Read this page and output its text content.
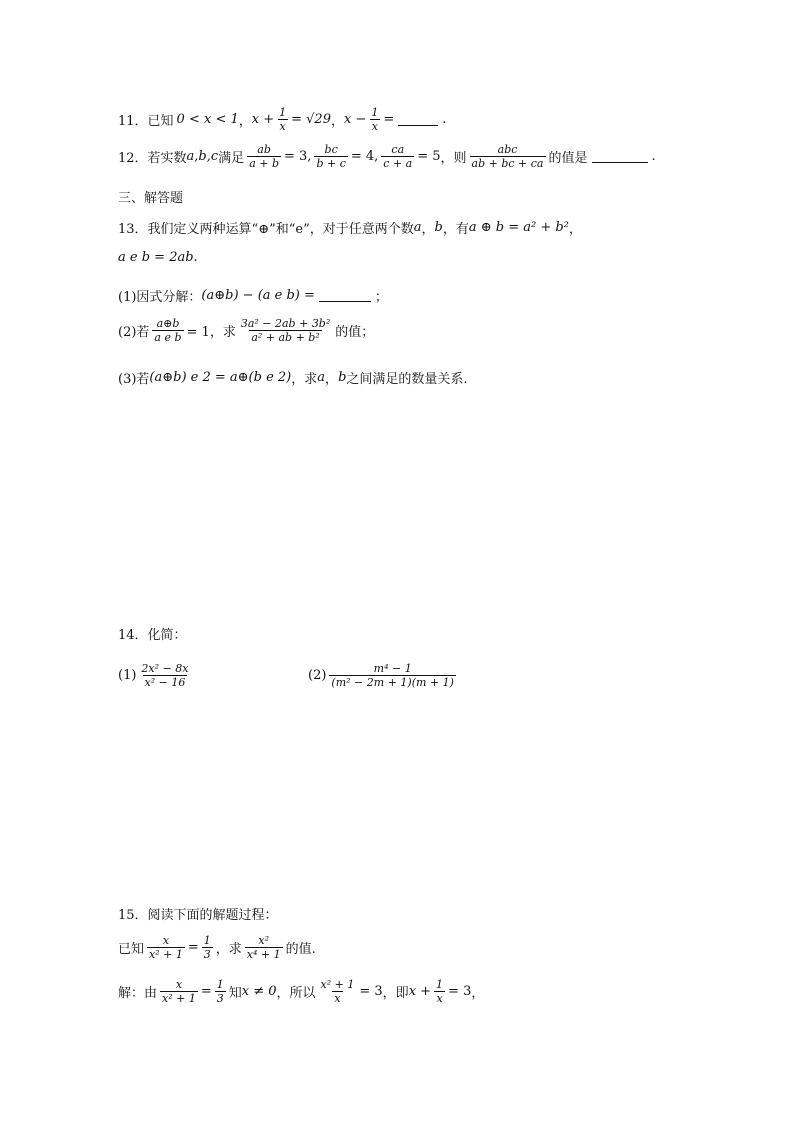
11．已知 0 < x < 1 ， $x + \frac{1}{x} = √29$ ， $x - \frac{1}{x}$ =	.
12．若实数 a,b,c 满足 $\frac{ab}{a + b} = 3$, $\frac{bc}{b + c} = 4$, $\frac{ca}{c + a} = 5$ ，则 $\frac{\text{abc}}{ab + bc + ca}$ 的值是	.
三、解答题
13．我们定义两种运算“⊕”和“e”，对于任意两个数 a ， b ，有 a ⊕ b = a² + b² ，
a e b = 2ab .
(1)因式分解： (a⊕b) − (a e b) =	；
(2)若 $\frac{a\oplus b}{\text{a e b}} = 1$，求 $\frac{\text{3a² − 2ab + 3b²}}{\text{a² + ab + b²}}$ 的值；
(3)若 (a⊕b) e 2 = a⊕(b e 2) ，求 a ， b 之间满足的数量关系.
14．化简：
$(1) \frac{\text{2x² − 8x}}{\text{x² − 16}}$	$(2) \frac{\text{m⁴ − 1}}{\text{(m² − 2m + 1)(m + 1)}}$
15．阅读下面的解题过程：
已知 $\frac{x}{\text{x² + 1}} = \frac{1}{3}$ ，求 $\frac{\text{x²}}{\text{x⁴ + 1}}$ 的值.
解：由 $\frac{x}{\text{x² + 1}} = \frac{1}{3}$ 知 x ≠ 0 ，所以 $\frac{\text{x² + 1}}{x} = 3$ ，即 $x + \frac{1}{x} = 3$ ，
